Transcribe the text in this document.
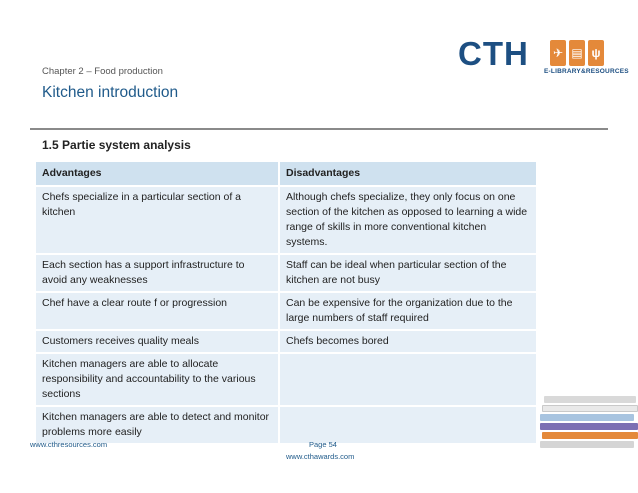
Chapter 2 – Food production
Kitchen introduction
CTH ✈ ▤ ψ
E-LIBRARY&RESOURCES
1.5 Partie system analysis
Advantages	Disadvantages
Chefs specialize in a particular section of a kitchen	Although chefs specialize, they only focus on one section of the kitchen as opposed to learning a wide range of skills in more conventional kitchen systems.
Each section has a support infrastructure to avoid any weaknesses	Staff can be ideal when particular section of the kitchen are not busy
Chef have a clear route f or progression	Can be expensive for the organization due to the large numbers of staff required
Customers receives quality meals	Chefs becomes bored
Kitchen managers are able to allocate responsibility and accountability to the various sections	
Kitchen managers are able to detect and monitor problems more easily	
www.cthresources.com	Page 54
www.cthawards.com
